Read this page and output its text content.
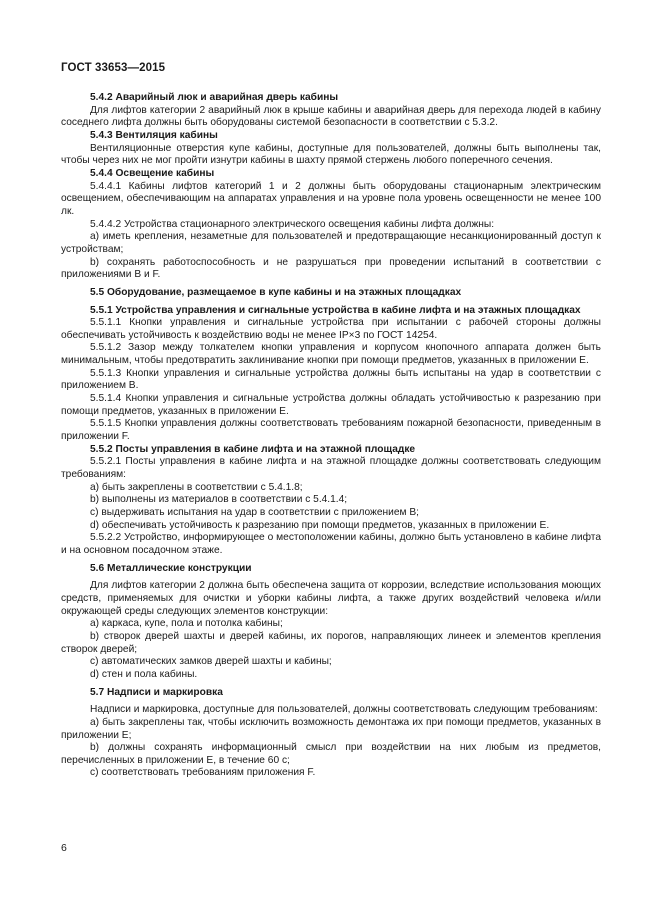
ГОСТ 33653—2015

5.4.2 Аварийный люк и аварийная дверь кабины

Для лифтов категории 2 аварийный люк в крыше кабины и аварийная дверь для перехода людей в кабину соседнего лифта должны быть оборудованы системой безопасности в соответствии с 5.3.2.

5.4.3 Вентиляция кабины

Вентиляционные отверстия купе кабины, доступные для пользователей, должны быть выполнены так, чтобы через них не мог пройти изнутри кабины в шахту прямой стержень любого поперечного сечения.

5.4.4 Освещение кабины

5.4.4.1 Кабины лифтов категорий 1 и 2 должны быть оборудованы стационарным электрическим освещением, обеспечивающим на аппаратах управления и на уровне пола уровень освещенности не менее 100 лк.

5.4.4.2 Устройства стационарного электрического освещения кабины лифта должны:

a) иметь крепления, незаметные для пользователей и предотвращающие несанкционированный доступ к устройствам;

b) сохранять работоспособность и не разрушаться при проведении испытаний в соответствии с приложениями B и F.

5.5 Оборудование, размещаемое в купе кабины и на этажных площадках

5.5.1 Устройства управления и сигнальные устройства в кабине лифта и на этажных площадках

5.5.1.1 Кнопки управления и сигнальные устройства при испытании с рабочей стороны должны обеспечивать устойчивость к воздействию воды не менее IP×3 по ГОСТ 14254.

5.5.1.2 Зазор между толкателем кнопки управления и корпусом кнопочного аппарата должен быть минимальным, чтобы предотвратить заклинивание кнопки при помощи предметов, указанных в приложении E.

5.5.1.3 Кнопки управления и сигнальные устройства должны быть испытаны на удар в соответствии с приложением B.

5.5.1.4 Кнопки управления и сигнальные устройства должны обладать устойчивостью к разрезанию при помощи предметов, указанных в приложении E.

5.5.1.5 Кнопки управления должны соответствовать требованиям пожарной безопасности, приведенным в приложении F.

5.5.2 Посты управления в кабине лифта и на этажной площадке

5.5.2.1 Посты управления в кабине лифта и на этажной площадке должны соответствовать следующим требованиям:

a) быть закреплены в соответствии с 5.4.1.8;

b) выполнены из материалов в соответствии с 5.4.1.4;

c) выдерживать испытания на удар в соответствии с приложением B;

d) обеспечивать устойчивость к разрезанию при помощи предметов, указанных в приложении E.

5.5.2.2 Устройство, информирующее о местоположении кабины, должно быть установлено в кабине лифта и на основном посадочном этаже.

5.6 Металлические конструкции

Для лифтов категории 2 должна быть обеспечена защита от коррозии, вследствие использования моющих средств, применяемых для очистки и уборки кабины лифта, а также других воздействий человека и/или окружающей среды следующих элементов конструкции:

a) каркаса, купе, пола и потолка кабины;

b) створок дверей шахты и дверей кабины, их порогов, направляющих линеек и элементов крепления створок дверей;

c) автоматических замков дверей шахты и кабины;

d) стен и пола кабины.

5.7 Надписи и маркировка

Надписи и маркировка, доступные для пользователей, должны соответствовать следующим требованиям:

a) быть закреплены так, чтобы исключить возможность демонтажа их при помощи предметов, указанных в приложении E;

b) должны сохранять информационный смысл при воздействии на них любым из предметов, перечисленных в приложении E, в течение 60 с;

c) соответствовать требованиям приложения F.

6
